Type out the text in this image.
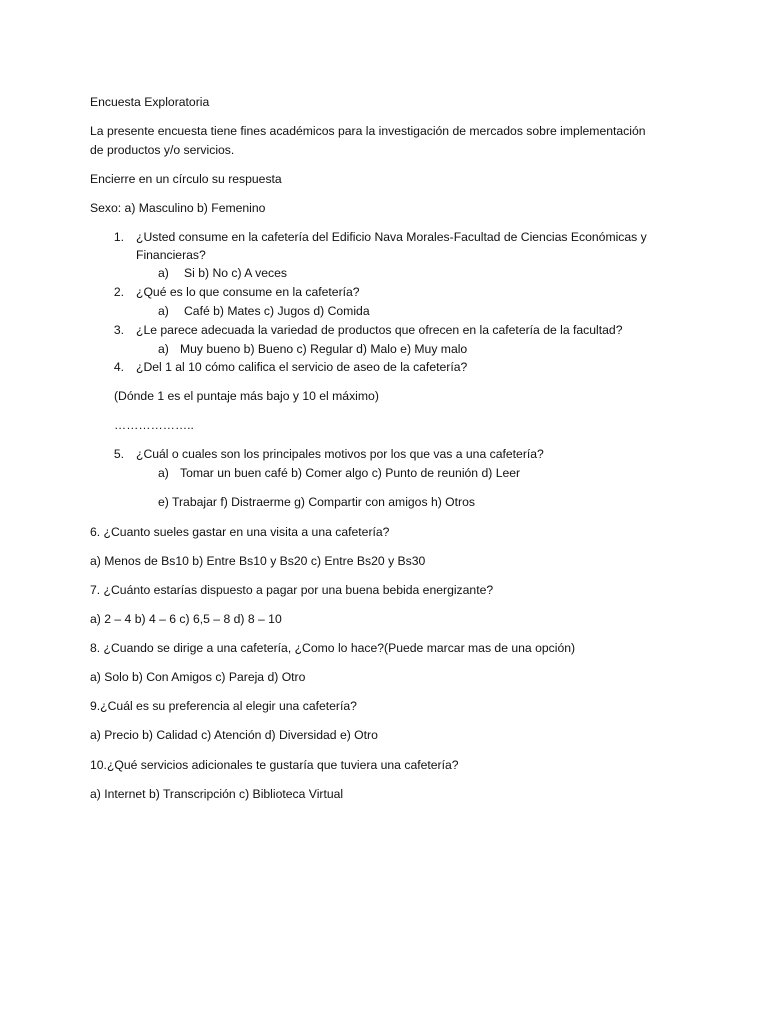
Encuesta Exploratoria
La presente encuesta tiene fines académicos para la investigación de mercados sobre implementación
de productos y/o servicios.
Encierre en un círculo su respuesta
Sexo: a) Masculino b) Femenino
1. ¿Usted consume en la cafetería del Edificio Nava Morales-Facultad de Ciencias Económicas y
Financieras?
a) Si b) No c) A veces
2. ¿Qué es lo que consume en la cafetería?
a) Café b) Mates c) Jugos d) Comida
3. ¿Le parece adecuada la variedad de productos que ofrecen en la cafetería de la facultad?
a) Muy bueno b) Bueno c) Regular d) Malo e) Muy malo
4. ¿Del 1 al 10 cómo califica el servicio de aseo de la cafetería?
(Dónde 1 es el puntaje más bajo y 10 el máximo)
………………..
5. ¿Cuál o cuales son los principales motivos por los que vas a una cafetería?
a) Tomar un buen café b) Comer algo c) Punto de reunión d) Leer
e) Trabajar f) Distraerme g) Compartir con amigos h) Otros
6. ¿Cuanto sueles gastar en una visita a una cafetería?
a) Menos de Bs10 b) Entre Bs10 y Bs20 c) Entre Bs20 y Bs30
7. ¿Cuánto estarías dispuesto a pagar por una buena bebida energizante?
a) 2 – 4 b) 4 – 6 c) 6,5 – 8 d) 8 – 10
8. ¿Cuando se dirige a una cafetería, ¿Como lo hace?(Puede marcar mas de una opción)
a) Solo b) Con Amigos c) Pareja d) Otro
9.¿Cuál es su preferencia al elegir una cafetería?
a) Precio b) Calidad c) Atención d) Diversidad e) Otro
10.¿Qué servicios adicionales te gustaría que tuviera una cafetería?
a) Internet b) Transcripción c) Biblioteca Virtual
